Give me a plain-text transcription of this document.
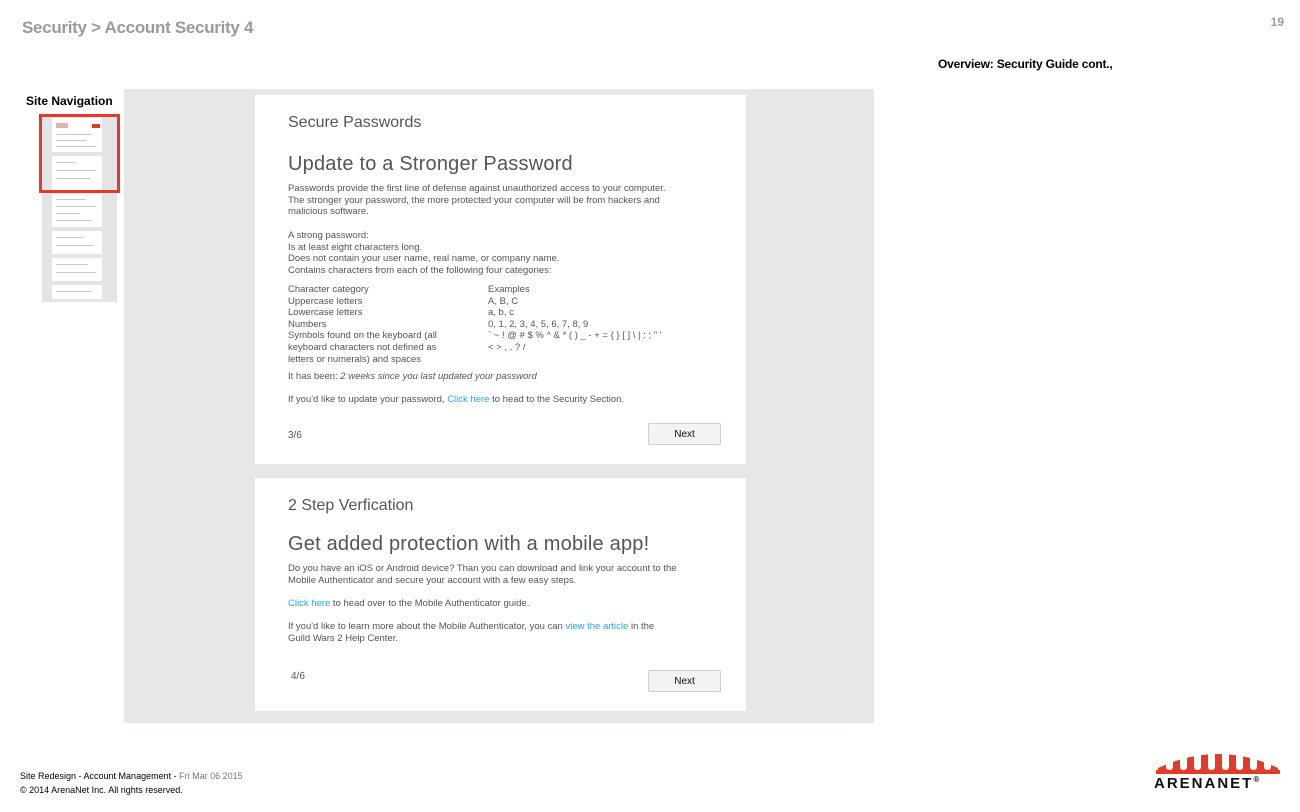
Security > Account Security 4	19
Overview: Security Guide cont.,
Site Navigation
Secure Passwords
Update to a Stronger Password
Passwords provide the first line of defense against unauthorized access to your computer.
The stronger your password, the more protected your computer will be from hackers and
malicious software.
A strong password:
Is at least eight characters long.
Does not contain your user name, real name, or company name.
Contains characters from each of the following four categories:
Character category	Examples
Uppercase letters	A, B, C
Lowercase letters	a, b, c
Numbers	0, 1, 2, 3, 4, 5, 6, 7, 8, 9
Symbols found on the keyboard (all	` ~ ! @ # $ % ^ & * ( ) _ - + = { } [ ] \ | : ; " '
keyboard characters not defined as	< > , . ? /
letters or numerals) and spaces
It has been: 2 weeks since you last updated your password
If you'd like to update your password, Click here to head to the Security Section.
3/6	Next
2 Step Verfication
Get added protection with a mobile app!
Do you have an iOS or Android device? Than you can download and link your account to the
Mobile Authenticator and secure your account with a few easy steps.
Click here to head over to the Mobile Authenticator guide.
If you'd like to learn more about the Mobile Authenticator, you can view the article in the
Guild Wars 2 Help Center.
4/6	Next
Site Redesign - Account Management - Fri Mar 06 2015
© 2014 ArenaNet Inc. All rights reserved.	ARENANET®
